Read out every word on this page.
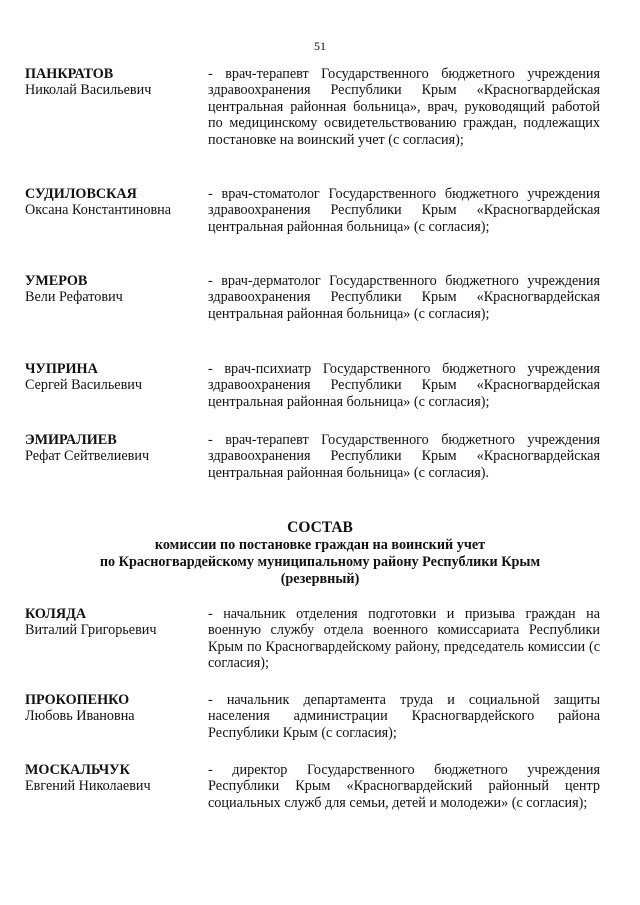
51
ПАНКРАТОВ
Николай Васильевич
- врач-терапевт Государственного бюджетного учреждения здравоохранения Республики Крым «Красногвардейская центральная районная больница», врач, руководящий работой по медицинскому освидетельствованию граждан, подлежащих постановке на воинский учет (с согласия);
СУДИЛОВСКАЯ
Оксана Константиновна
- врач-стоматолог Государственного бюджетного учреждения здравоохранения Республики Крым «Красногвардейская центральная районная больница» (с согласия);
УМЕРОВ
Вели Рефатович
- врач-дерматолог Государственного бюджетного учреждения здравоохранения Республики Крым «Красногвардейская центральная районная больница» (с согласия);
ЧУПРИНА
Сергей Васильевич
- врач-психиатр Государственного бюджетного учреждения здравоохранения Республики Крым «Красногвардейская центральная районная больница» (с согласия);
ЭМИРАЛИЕВ
Рефат Сейтвелиевич
- врач-терапевт Государственного бюджетного учреждения здравоохранения Республики Крым «Красногвардейская центральная районная больница» (с согласия).
СОСТАВ
комиссии по постановке граждан на воинский учет
по Красногвардейскому муниципальному району Республики Крым
(резервный)
КОЛЯДА
Виталий Григорьевич
- начальник отделения подготовки и призыва граждан на военную службу отдела военного комиссариата Республики Крым по Красногвардейскому району, председатель комиссии (с согласия);
ПРОКОПЕНКО
Любовь Ивановна
- начальник департамента труда и социальной защиты населения администрации Красногвардейского района Республики Крым (с согласия);
МОСКАЛЬЧУК
Евгений Николаевич
- директор Государственного бюджетного учреждения Республики Крым «Красногвардейский районный центр социальных служб для семьи, детей и молодежи» (с согласия);
